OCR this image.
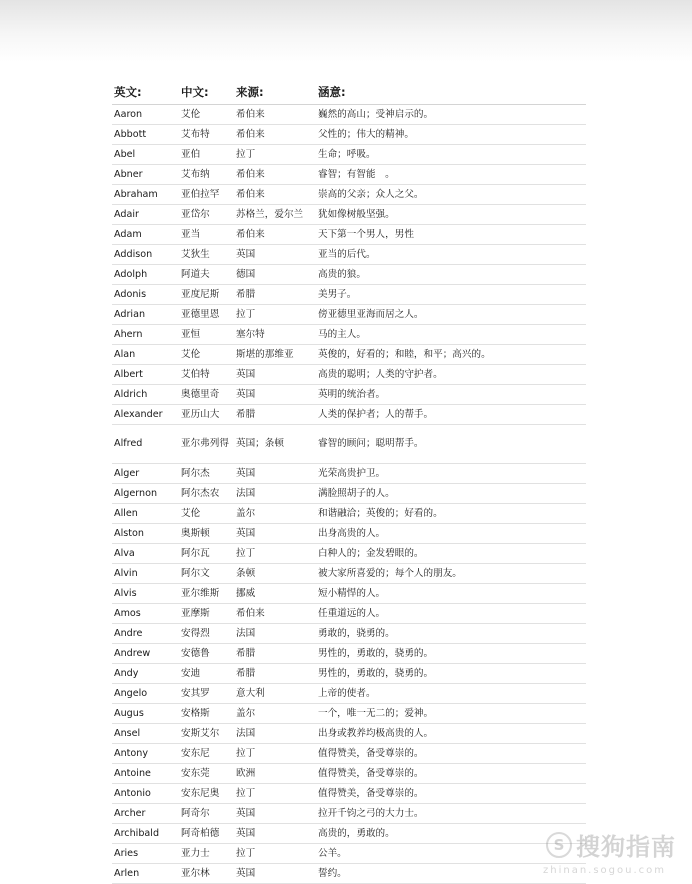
英文:	中文:	来源:	涵意:
Aaron	艾伦	希伯来	巍然的高山；受神启示的。
Abbott	艾布特	希伯来	父性的；伟大的精神。
Abel	亚伯	拉丁	生命；呼吸。
Abner	艾布纳	希伯来	睿智；有智能　。
Abraham	亚伯拉罕	希伯来	崇高的父亲；众人之父。
Adair	亚岱尔	苏格兰，爱尔兰	犹如像树般坚强。
Adam	亚当	希伯来	天下第一个男人，男性
Addison	艾狄生	英国	亚当的后代。
Adolph	阿道夫	德国	高贵的狼。
Adonis	亚度尼斯	希腊	美男子。
Adrian	亚德里恩	拉丁	傍亚德里亚海而居之人。
Ahern	亚恒	塞尔特	马的主人。
Alan	艾伦	斯堪的那维亚	英俊的，好看的；和睦，和平；高兴的。
Albert	艾伯特	英国	高贵的聪明；人类的守护者。
Aldrich	奥德里奇	英国	英明的统治者。
Alexander	亚历山大	希腊	人类的保护者；人的帮手。
Alfred	亚尔弗列得	英国；条顿	睿智的顾问；聪明帮手。
Alger	阿尔杰	英国	光荣高贵护卫。
Algernon	阿尔杰农	法国	满脸照胡子的人。
Allen	艾伦	盖尔	和谐融洽；英俊的；好看的。
Alston	奥斯顿	英国	出身高贵的人。
Alva	阿尔瓦	拉丁	白种人的；金发碧眼的。
Alvin	阿尔文	条顿	被大家所喜爱的；每个人的朋友。
Alvis	亚尔维斯	挪威	短小精悍的人。
Amos	亚摩斯	希伯来	任重道远的人。
Andre	安得烈	法国	勇敢的，骁勇的。
Andrew	安德鲁	希腊	男性的，勇敢的，骁勇的。
Andy	安迪	希腊	男性的，勇敢的，骁勇的。
Angelo	安其罗	意大利	上帝的使者。
Augus	安格斯	盖尔	一个，唯一无二的；爱神。
Ansel	安斯艾尔	法国	出身或教养均极高贵的人。
Antony	安东尼	拉丁	值得赞美，备受尊崇的。
Antoine	安东莞	欧洲	值得赞美，备受尊崇的。
Antonio	安东尼奥	拉丁	值得赞美，备受尊崇的。
Archer	阿奇尔	英国	拉开千钧之弓的大力士。
Archibald	阿奇柏德	英国	高贵的，勇敢的。
Aries	亚力士	拉丁	公羊。
Arlen	亚尔林	英国	誓约。
S 搜狗指南
zhinan.sogou.com
